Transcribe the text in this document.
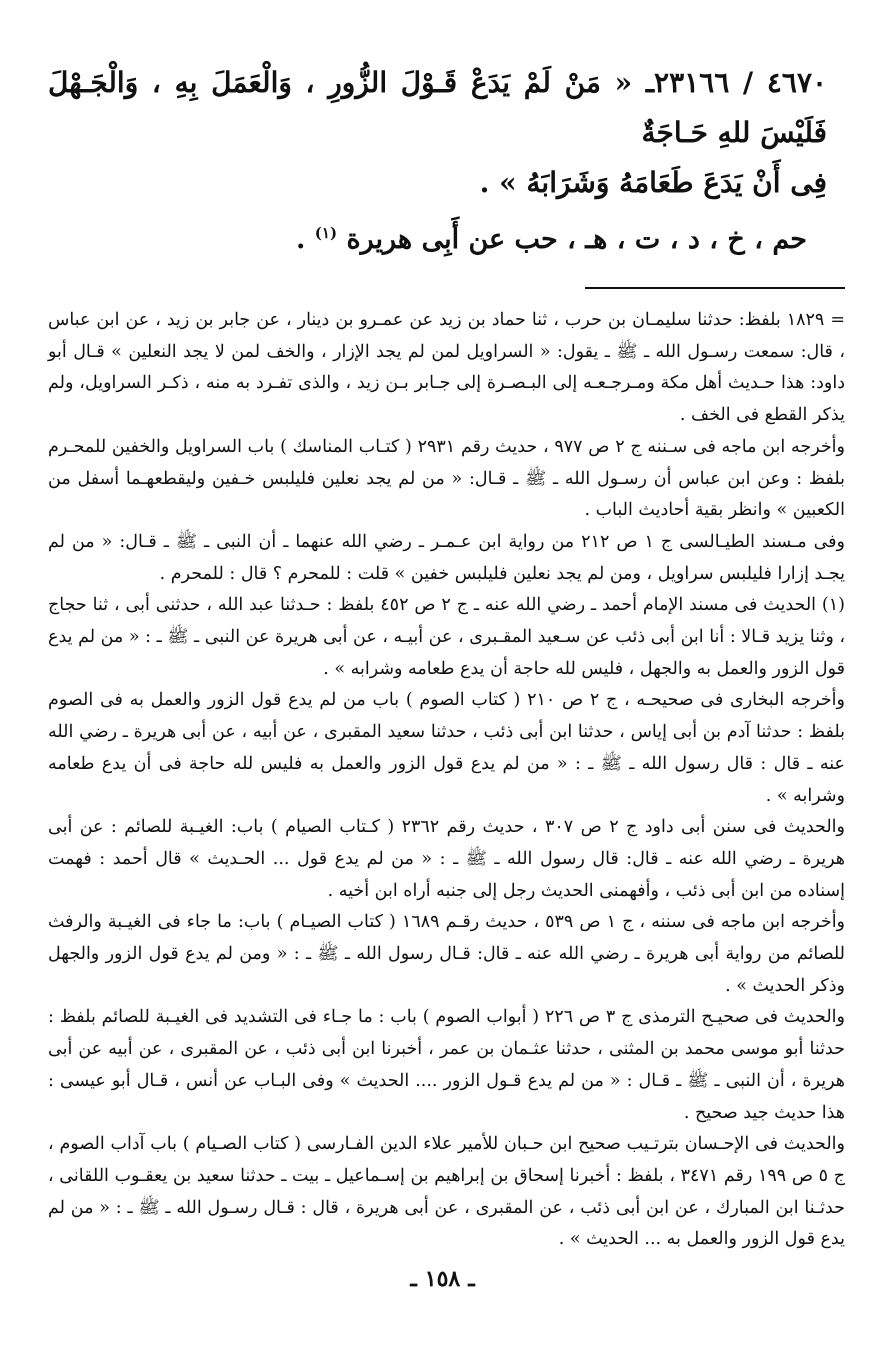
٤٦٧٠ / ٢٣١٦٦ـ « مَنْ لَمْ يَدَعْ قَـوْلَ الزُّورِ ، وَالْعَمَلَ بِهِ ، وَالْجَـهْلَ فَلَيْسَ للهِ حَـاجَةٌ

فِى أَنْ يَدَعَ طَعَامَهُ وَشَرَابَهُ » .

حم ، خ ، د ، ت ، هـ ، حب عن أَبِى هريرة $^{(١)}$ .

= ١٨٢٩ بلفظ: حدثنا سليمـان بن حرب ، ثنا حماد بن زيد عن عمـرو بن دينار ، عن جابر بن زيد ، عن ابن عباس ، قال: سمعت رسـول الله ـ ﷺ ـ يقول: « السراويل لمن لم يجد الإزار ، والخف لمن لا يجد النعلين » قـال أبو داود: هذا حـديث أهل مكة ومـرجـعـه إلى البـصـرة إلى جـابر بـن زيد ، والذى تفـرد به منه ، ذكـر السراويل، ولم يذكر القطع فى الخف .

وأخرجه ابن ماجه فى سـننه ج ٢ ص ٩٧٧ ، حديث رقم ٢٩٣١ ( كتـاب المناسك ) باب السراويل والخفين للمحـرم بلفظ : وعن ابن عباس أن رسـول الله ـ ﷺ ـ قـال: « من لم يجد نعلين فليلبس خـفين وليقطعهـما أسفل من الكعبين » وانظر بقية أحاديث الباب .

وفى مـسند الطيـالسى ج ١ ص ٢١٢ من رواية ابن عـمـر ـ رضي الله عنهما ـ أن النبى ـ ﷺ ـ قـال: « من لم يجـد إزارا فليلبس سراويل ، ومن لم يجد نعلين فليلبس خفين » قلت : للمحرم ؟ قال : للمحرم .

(١) الحديث فى مسند الإمام أحمد ـ رضي الله عنه ـ ج ٢ ص ٤٥٢ بلفظ : حـدثنا عبد الله ، حدثنى أبى ، ثنا حجاج ، وثنا يزيد قـالا : أنا ابن أبى ذئب عن سـعيد المقـبرى ، عن أبيـه ، عن أبى هريرة عن النبى ـ ﷺ ـ : « من لم يدع قول الزور والعمل به والجهل ، فليس لله حاجة أن يدع طعامه وشرابه » .

وأخرجه البخارى فى صحيحـه ، ج ٢ ص ٢١٠ ( كتاب الصوم ) باب من لم يدع قول الزور والعمل به فى الصوم بلفظ : حدثنا آدم بن أبى إياس ، حدثنا ابن أبى ذئب ، حدثنا سعيد المقبرى ، عن أبيه ، عن أبى هريرة ـ رضي الله عنه ـ قال : قال رسول الله ـ ﷺ ـ : « من لم يدع قول الزور والعمل به فليس لله حاجة فى أن يدع طعامه وشرابه » .

والحديث فى سنن أبى داود ج ٢ ص ٣٠٧ ، حديث رقم ٢٣٦٢ ( كـتاب الصيام ) باب: الغيـبة للصائم : عن أبى هريرة ـ رضي الله عنه ـ قال: قال رسول الله ـ ﷺ ـ : « من لم يدع قول ... الحـديث » قال أحمد : فهمت إسناده من ابن أبى ذئب ، وأفهمنى الحديث رجل إلى جنبه أراه ابن أخيه .

وأخرجه ابن ماجه فى سننه ، ج ١ ص ٥٣٩ ، حديث رقـم ١٦٨٩ ( كتاب الصيـام ) باب: ما جاء فى الغيـبة والرفث للصائم من رواية أبى هريرة ـ رضي الله عنه ـ قال: قـال رسول الله ـ ﷺ ـ : « ومن لم يدع قول الزور والجهل وذكر الحديث » .

والحديث فى صحيـح الترمذى ج ٣ ص ٢٢٦ ( أبواب الصوم ) باب : ما جـاء فى التشديد فى الغيـبة للصائم بلفظ : حدثنا أبو موسى محمد بن المثنى ، حدثنا عثـمان بن عمر ، أخبرنا ابن أبى ذئب ، عن المقبرى ، عن أبيه عن أبى هريرة ، أن النبى ـ ﷺ ـ قـال : « من لم يدع قـول الزور .... الحديث » وفى البـاب عن أنس ، قـال أبو عيسى : هذا حديث جيد صحيح .

والحديث فى الإحـسان بترتـيب صحيح ابن حـبان للأمير علاء الدين الفـارسى ( كتاب الصـيام ) باب آداب الصوم ، ج ٥ ص ١٩٩ رقم ٣٤٧١ ، بلفظ : أخبرنا إسحاق بن إبراهيم بن إسـماعيل ـ بيت ـ حدثنا سعيد بن يعقـوب اللقانى ، حدثـنا ابن المبارك ، عن ابن أبى ذئب ، عن المقبرى ، عن أبى هريرة ، قال : قـال رسـول الله ـ ﷺ ـ : « من لم يدع قول الزور والعمل به ... الحديث » .

ـ١٥٨ـ
